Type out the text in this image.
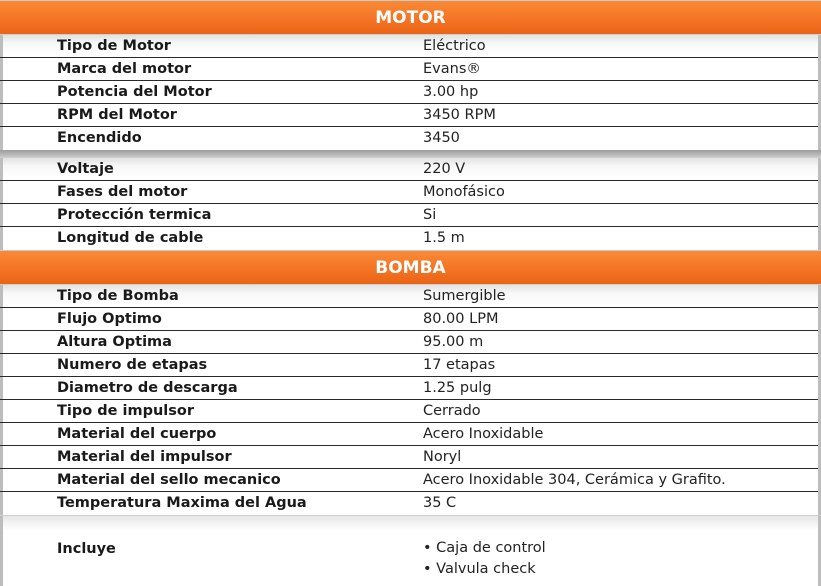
MOTOR
Tipo de Motor	Eléctrico
Marca del motor	Evans®
Potencia del Motor	3.00 hp
RPM del Motor	3450 RPM
Encendido	3450
Voltaje	220 V
Fases del motor	Monofásico
Protección termica	Si
Longitud de cable	1.5 m
BOMBA
Tipo de Bomba	Sumergible
Flujo Optimo	80.00 LPM
Altura Optima	95.00 m
Numero de etapas	17 etapas
Diametro de descarga	1.25 pulg
Tipo de impulsor	Cerrado
Material del cuerpo	Acero Inoxidable
Material del impulsor	Noryl
Material del sello mecanico	Acero Inoxidable 304, Cerámica y Grafito.
Temperatura Maxima del Agua	35 C
Incluye
•	Caja de control
• Valvula check
